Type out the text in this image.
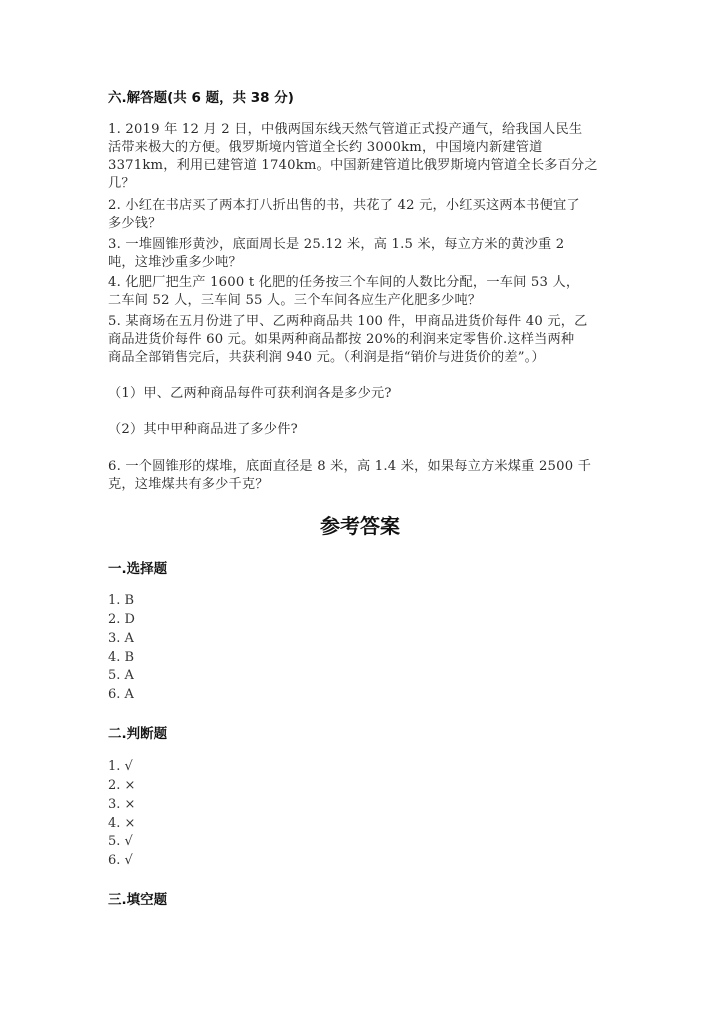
六.解答题(共 6 题，共 38 分)
1. 2019 年 12 月 2 日，中俄两国东线天然气管道正式投产通气，给我国人民生
活带来极大的方便。俄罗斯境内管道全长约 3000km，中国境内新建管道
3371km，利用已建管道 1740km。中国新建管道比俄罗斯境内管道全长多百分之
几？
2. 小红在书店买了两本打八折出售的书，共花了 42 元，小红买这两本书便宜了
多少钱？
3. 一堆圆锥形黄沙，底面周长是 25.12 米，高 1.5 米，每立方米的黄沙重 2
吨，这堆沙重多少吨？
4. 化肥厂把生产 1600 t 化肥的任务按三个车间的人数比分配，一车间 53 人，
二车间 52 人，三车间 55 人。三个车间各应生产化肥多少吨？
5. 某商场在五月份进了甲、乙两种商品共 100 件，甲商品进货价每件 40 元，乙
商品进货价每件 60 元。如果两种商品都按 20%的利润来定零售价.这样当两种
商品全部销售完后，共获利润 940 元。（利润是指“销价与进货价的差”。）
（1）甲、乙两种商品每件可获利润各是多少元?
（2）其中甲种商品进了多少件?
6. 一个圆锥形的煤堆，底面直径是 8 米，高 1.4 米，如果每立方米煤重 2500 千
克，这堆煤共有多少千克？
参考答案
一.选择题
1. B
2. D
3. A
4. B
5. A
6. A
二.判断题
1. √
2. ×
3. ×
4. ×
5. √
6. √
三.填空题
